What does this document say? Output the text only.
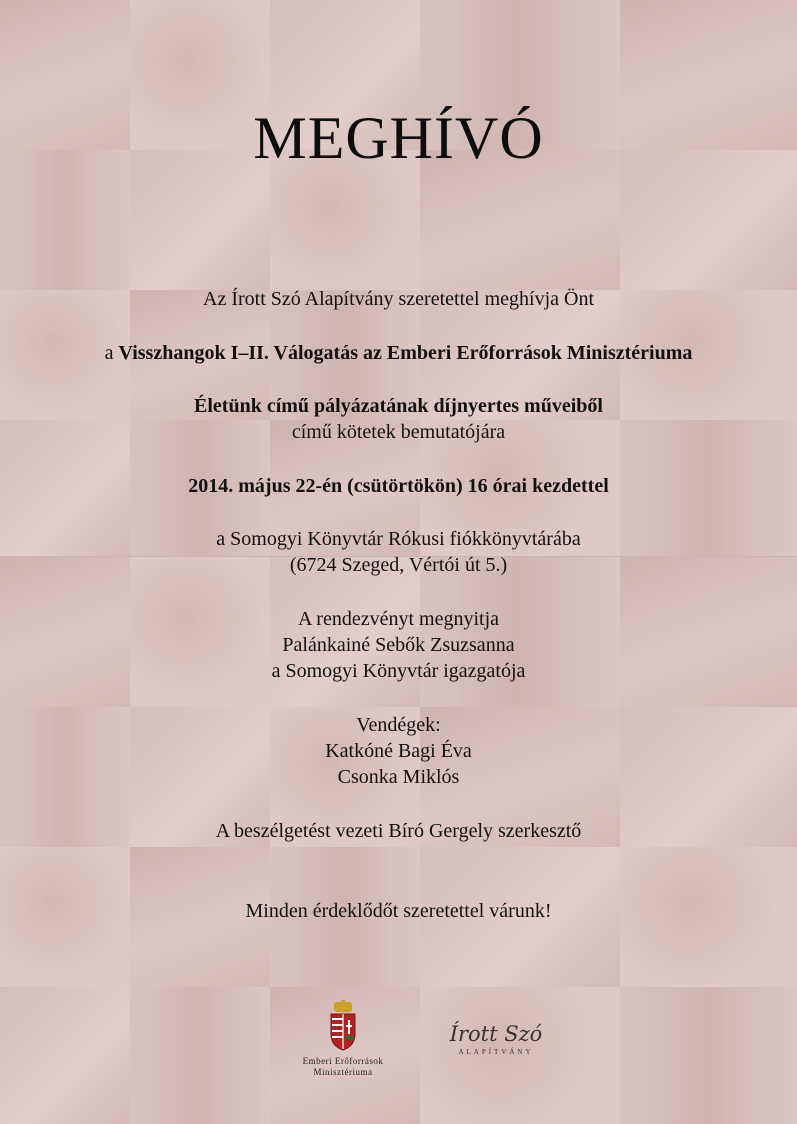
MEGHÍVÓ
Az Írott Szó Alapítvány szeretettel meghívja Önt
a Visszhangok I–II. Válogatás az Emberi Erőforrások Minisztériuma
Életünk című pályázatának díjnyertes műveiből
című kötetek bemutatójára
2014. május 22-én (csütörtökön) 16 órai kezdettel
a Somogyi Könyvtár Rókusi fiókkönyvtárába
(6724 Szeged, Vértói út 5.)
A rendezvényt megnyitja
Palánkainé Sebők Zsuzsanna
a Somogyi Könyvtár igazgatója
Vendégek:
Katkóné Bagi Éva
Csonka Miklós
A beszélgetést vezeti Bíró Gergely szerkesztő
Minden érdeklődőt szeretettel várunk!
Emberi Erőforrások
Minisztériuma
Írott Szó
ALAPÍTVÁNY
